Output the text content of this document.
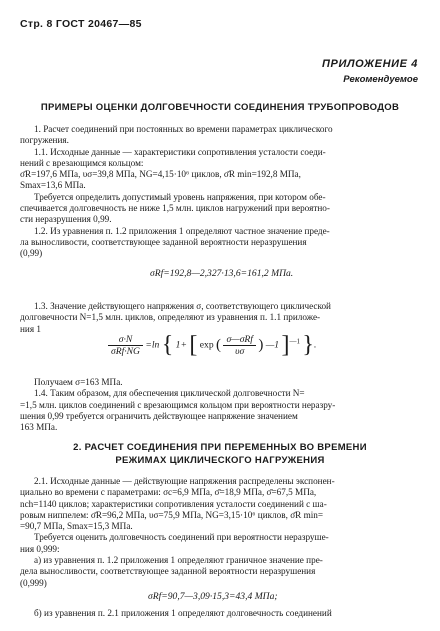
Стр. 8 ГОСТ 20467—85
ПРИЛОЖЕНИЕ 4
Рекомендуемое
ПРИМЕРЫ ОЦЕНКИ ДОЛГОВЕЧНОСТИ СОЕДИНЕНИЯ ТРУБОПРОВОДОВ
1. Расчет соединений при постоянных во времени параметрах циклического
погружения.
1.1. Исходные данные — характеристики сопротивления усталости соеди-
нений с врезающимся кольцом:
σ̄R=197,6 МПа, υσ=39,8 МПа, NG=4,15·10⁶ циклов, σ̄R min=192,8 МПа,
Smax=13,6 МПа.
Требуется определить допустимый уровень напряжения, при котором обе-
спечивается долговечность не ниже 1,5 млн. циклов нагружений при вероятно-
сти неразрушения 0,99.
1.2. Из уравнения п. 1.2 приложения 1 определяют частное значение преде-
ла выносливости, соответствующее заданной вероятности неразрушения
(0,99)
σRf=192,8—2,327·13,6=161,2 МПа.
1.3. Значение действующего напряжения σ, соответствующего циклической
долговечности N=1,5 млн. циклов, определяют из уравнения п. 1.1 приложе-
ния 1
$\frac{\sigma\cdot N}{\text{σRf·NG}} =\ln$ { 1+ [ exp ( $\frac{\text{σ—σRf}}{\upsilon\sigma}$ ) —1 ]$^{—1}$ }.
Получаем σ=163 МПа.
1.4. Таким образом, для обеспечения циклической долговечности N=
=1,5 млн. циклов соединений с врезающимся кольцом при вероятности неразру-
шения 0,99 требуется ограничить действующее напряжение значением
163 МПа.
2. РАСЧЕТ СОЕДИНЕНИЯ ПРИ ПЕРЕМЕННЫХ ВО ВРЕМЕНИ
РЕЖИМАХ ЦИКЛИЧЕСКОГО НАГРУЖЕНИЯ
2.1. Исходные данные — действующие напряжения распределены экспонен-
циально во времени с параметрами: σc=6,9 МПа, σ̄=18,9 МПа, σ̄=67,5 МПа,
nch=1140 циклов; характеристики сопротивления усталости соединений с ша-
ровым ниппелем: σ̄R=96,2 МПа, υσ=75,9 МПа, NG=3,15·10⁶ циклов, σ̄R min=
=90,7 МПа, Smax=15,3 МПа.
Требуется оценить долговечность соединений при вероятности неразруше-
ния 0,999:
а) из уравнения п. 1.2 приложения 1 определяют граничное значение пре-
дела выносливости, соответствующее заданной вероятности неразрушения
(0,999)
σRf=90,7—3,09·15,3=43,4 МПа;
б) из уравнения п. 2.1 приложения 1 определяют долговечность соединений
